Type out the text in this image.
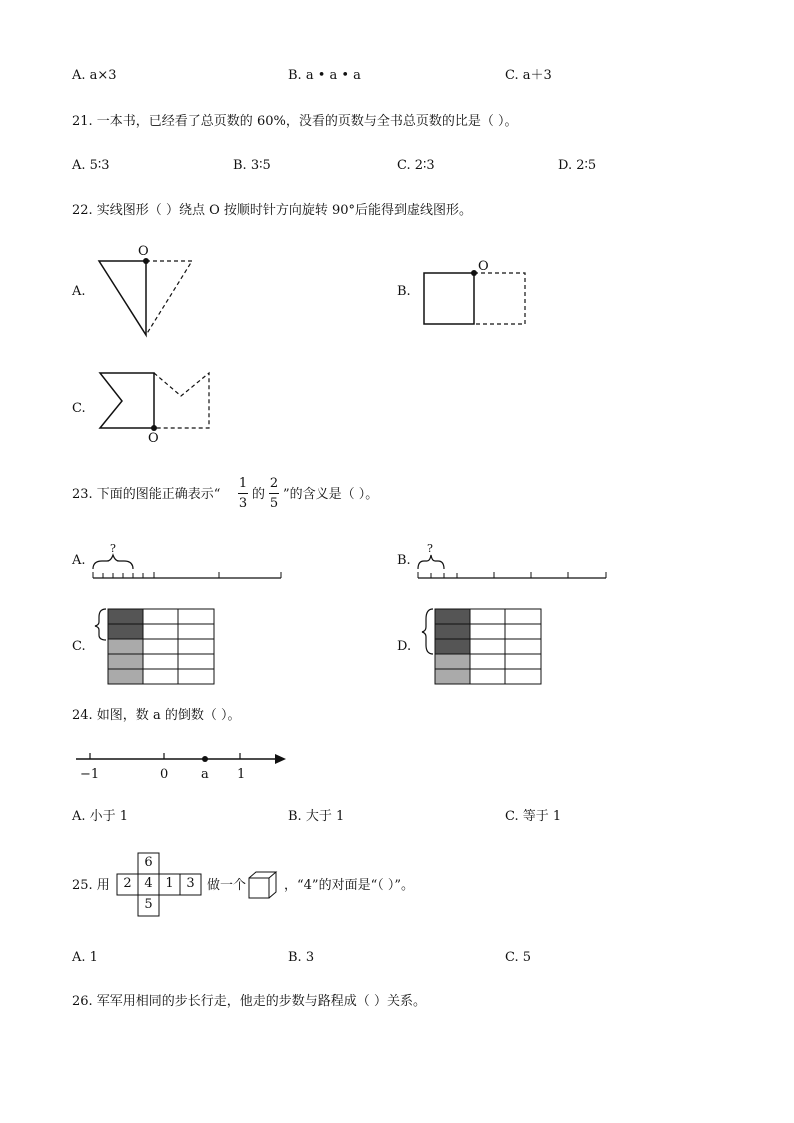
A. a×3	B. a • a • a	C. a＋3
21. 一本书，已经看了总页数的 60%，没看的页数与全书总页数的比是（ ）。
A. 5∶3	B. 3∶5	C. 2∶3	D. 2∶5
22. 实线图形（ ）绕点 O 按顺时针方向旋转 90°后能得到虚线图形。
A.
O
B.
O
C.
O
23. 下面的图能正确表示“
1
3
的
2
5
”的含义是（ ）。
A.
?
B.
?
C.	D.
24. 如图，数 a 的倒数（ ）。
−1	0	a 1
A. 小于 1	B. 大于 1	C. 等于 1
25. 用
6
2 4 1 3
5
做一个	，“4”的对面是“（ ）”。
A. 1	B. 3	C. 5
26. 军军用相同的步长行走，他走的步数与路程成（ ）关系。
